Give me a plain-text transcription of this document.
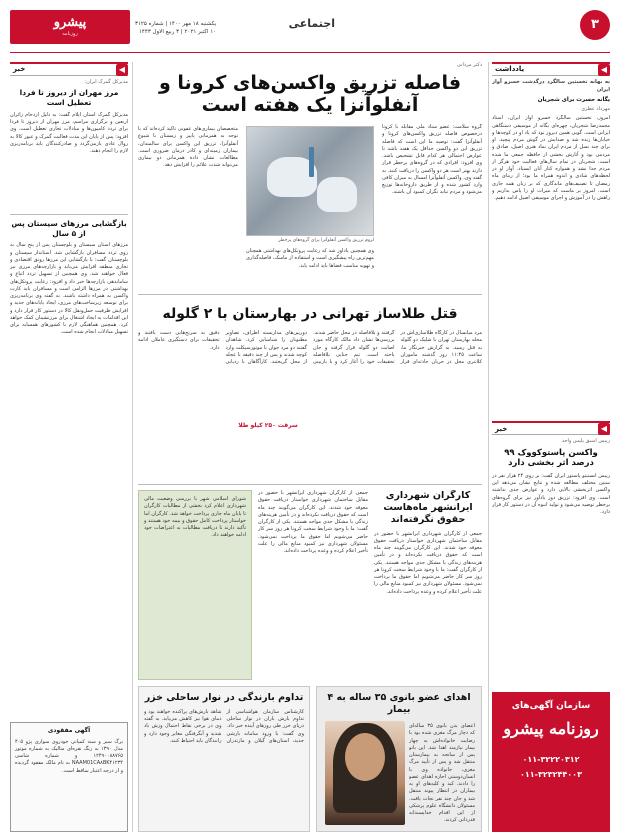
۳
اجتماعی
پیشرو
روزنامه
یکشنبه ۱۸ مهر ۱۴۰۰ | شماره ۳۱۲۵
۱۰ اکتبر ۲۰۲۱ | ۳ ربیع الاول ۱۴۴۳
◀
یادداشت
به بهانه نخستین سالگرد درگذشت خسرو آواز ایران
یگانه حسرت برای شجریان
مهرداد عطری

امروز، نخستین سالگرد خسرو آواز ایران، استاد محمدرضا شجریان، چهره‌ای یگانه از موسیقی دستگاهی ایرانی است. گویی همین دیروز بود که یاد او در کوچه‌ها و خیابان‌ها زنده شد و صدایش در گوش مردم پیچید. او برای چند نسل از مردم ایران نماد هنری اصیل، صادق و مردمی بود و آثارش بخشی از حافظه جمعی ما شده است. شجریان در تمام سال‌های فعالیت خود هرگز از مردم جدا نشد و همواره کنار آنان ایستاد. آواز او در لحظه‌های شادی و اندوه همراه ما بود؛ از ربنای ماه رمضان تا تصنیف‌های ماندگاری که بر زبان همه جاری است. امروز بر ماست که میراث او را پاس بداریم و راهش را در آموزش و اجرای موسیقی اصیل ادامه دهیم.

◀
خبر
رییس اسبق پلیس واحد
واکسن پاستوکووک ۹۹ درصد اثر بخشی دارد

رییس انستیتو پاستور ایران گفت: بر روی ۲۴ هزار نفر در سنین مختلف مطالعه شده و نتایج نشان می‌دهد این واکسن اثربخشی بالایی دارد و عوارض جدی نداشته است. وی افزود: تزریق دوز یادآور نیز برای گروه‌های پرخطر توصیه می‌شود و تولید انبوه آن در دستور کار قرار دارد.

سازمان آگهی‌های
روزنامه پیشرو
۰۱۱-۳۲۲۲۰۳۱۲
۰۱۱-۳۲۳۲۴۴۰۰۳
◀
خبر
مدیرکل گمرک ایران:
مرز مهران از دیروز تا فردا تعطیل است

مدیرکل گمرک استان ایلام گفت: به دلیل ازدحام زائران اربعین و برگزاری مراسم، مرز مهران از دیروز تا فردا برای تردد کامیون‌ها و مبادلات تجاری تعطیل است. وی افزود: پس از پایان این مدت فعالیت گمرک و عبور کالا به روال عادی بازمی‌گردد و صادرکنندگان باید برنامه‌ریزی لازم را انجام دهند.

بازگشایی مرزهای سیستان پس از ۵ سال

مرزهای استان سیستان و بلوچستان پس از پنج سال به روی تردد مسافران بازگشایی شد. استاندار سیستان و بلوچستان گفت: با بازگشایی این مرزها رونق اقتصادی و تجاری منطقه افزایش می‌یابد و بازارچه‌های مرزی نیز فعال خواهند شد. وی همچنین از تسهیل تردد اتباع و ساماندهی بازارچه‌ها خبر داد و افزود: رعایت پروتکل‌های بهداشتی در مرزها الزامی است و مسافران باید کارت واکسن به همراه داشته باشند. به گفته وی برنامه‌ریزی برای توسعه زیرساخت‌های مرزی، ایجاد پایانه‌های جدید و افزایش ظرفیت حمل‌ونقل کالا در دستور کار قرار دارد و این اقدامات به ایجاد اشتغال برای مرزنشینان کمک خواهد کرد. همچنین هماهنگی لازم با کشورهای همسایه برای تسهیل مبادلات انجام شده است.

آگهی مفقودی

برگ سبز و سند کمپانی خودروی سواری پژو ۴۰۵ مدل ۱۳۹۰ به رنگ نقره‌ای متالیک به شماره موتور ۱۲۴۹۰۰۸۸۷۶۵ و شماره شاسی NAAM01CA۸BK۴۱۲۳۴ به نام مالک مفقود گردیده و از درجه اعتبار ساقط است.

دکتر مردانی
فاصله تزریق واکسن‌های کرونا و آنفلوآنزا یک هفته است

گروه سلامت: عضو ستاد ملی مقابله با کرونا درخصوص فاصله تزریق واکسن‌های کرونا و آنفلوآنزا گفت: توصیه ما این است که فاصله تزریق این دو واکسن حداقل یک هفته باشد تا عوارض احتمالی هر کدام قابل تشخیص باشد. وی افزود: افرادی که در گروه‌های پرخطر قرار دارند بهتر است هر دو واکسن را دریافت کنند. به گفته وی، واکسن آنفلوآنزا امسال به میزان کافی وارد کشور شده و از طریق داروخانه‌ها توزیع می‌شود و مردم نباید نگران کمبود آن باشند.

لزوم تزریق واکسن آنفلوآنزا برای گروه‌های پرخطر

وی همچنین یادآور شد که رعایت پروتکل‌های بهداشتی همچنان مهم‌ترین راه پیشگیری است و استفاده از ماسک، فاصله‌گذاری و تهویه مناسب فضاها باید ادامه یابد.

متخصصان بیماری‌های عفونی تأکید کرده‌اند که با توجه به همزمانی پاییز و زمستان با شیوع آنفلوآنزا، تزریق این واکسن برای سالمندان، بیماران زمینه‌ای و کادر درمان ضروری است. مطالعات نشان داده همزمانی دو بیماری می‌تواند شدت علائم را افزایش دهد.

قتل طلاساز تهرانی در بهارستان با ۲ گلوله

مرد میانسال در کارگاه طلاسازی‌اش در محله بهارستان تهران با شلیک دو گلوله به قتل رسید. به گزارش خبرنگار ما، ساعت ۱۱:۴۵ روز گذشته ماموران کلانتری محل در جریان حادثه‌ای قرار گرفتند و بلافاصله در محل حاضر شدند. بررسی‌ها نشان داد مالک کارگاه مورد اصابت دو گلوله قرار گرفته و جان باخته است. تیم جنایی بلافاصله تحقیقات خود را آغاز کرد و با بازبینی دوربین‌های مداربسته اطراف، تصاویر مظنونان را شناسایی کرد. شاهدان گفتند دو مرد جوان با موتورسیکلت وارد کوچه شدند و پس از چند دقیقه با عجله از محل گریختند. کارآگاهان با ردیابی دقیق به سرنخ‌هایی دست یافتند و تحقیقات برای دستگیری عاملان ادامه دارد.

سرقت ۲۵۰ کیلو طلا
کارگران شهرداری ایرانشهر ماه‌هاست حقوق نگرفته‌اند

جمعی از کارگران شهرداری ایرانشهر با حضور در مقابل ساختمان شهرداری خواستار دریافت حقوق معوقه خود شدند. این کارگران می‌گویند چند ماه است که حقوق دریافت نکرده‌اند و در تأمین هزینه‌های زندگی با مشکل جدی مواجه هستند. یکی از کارگران گفت: ما با وجود شرایط سخت کرونا هر روز سر کار حاضر می‌شویم اما حقوق ما پرداخت نمی‌شود. مسئولان شهرداری نیز کمبود منابع مالی را علت تأخیر اعلام کرده و وعده پرداخت داده‌اند.

جمعی از کارگران شهرداری ایرانشهر با حضور در مقابل ساختمان شهرداری خواستار دریافت حقوق معوقه خود شدند. این کارگران می‌گویند چند ماه است که حقوق دریافت نکرده‌اند و در تأمین هزینه‌های زندگی با مشکل جدی مواجه هستند. یکی از کارگران گفت: ما با وجود شرایط سخت کرونا هر روز سر کار حاضر می‌شویم اما حقوق ما پرداخت نمی‌شود. مسئولان شهرداری نیز کمبود منابع مالی را علت تأخیر اعلام کرده و وعده پرداخت داده‌اند.

شورای اسلامی شهر با بررسی وضعیت مالی شهرداری اعلام کرد بخشی از مطالبات کارگران تا پایان ماه جاری پرداخت خواهد شد. کارگران اما خواستار پرداخت کامل حقوق و بیمه خود هستند و تأکید دارند تا دریافت مطالبات به اعتراضات خود ادامه خواهند داد.

اهدای عضو بانوی ۳۵ ساله به ۴ بیمار

اعضای بدن بانوی ۳۵ ساله‌ای که دچار مرگ مغزی شده بود با رضایت خانواده‌اش به چهار بیمار نیازمند اهدا شد. این بانو پس از سانحه به بیمارستان منتقل شد و پس از تأیید مرگ مغزی، خانواده وی با انسان‌دوستی اجازه اهدای عضو را دادند. کبد و کلیه‌های او به بیماران در انتظار پیوند منتقل شد و جان چند نفر نجات یافت. مسئولان دانشگاه علوم پزشکی از این اقدام خداپسندانه قدردانی کردند.

تداوم بارندگی در نوار ساحلی خزر

کارشناس سازمان هواشناسی از تداوم بارش باران در نوار ساحلی دریای خزر طی روزهای آینده خبر داد. وی گفت: با ورود سامانه بارشی جدید، استان‌های گیلان و مازندران شاهد بارش‌های پراکنده خواهند بود و دمای هوا نیز کاهش می‌یابد. به گفته وی در برخی نقاط احتمال وزش باد شدید و آبگرفتگی معابر وجود دارد و رانندگان باید احتیاط کنند.
